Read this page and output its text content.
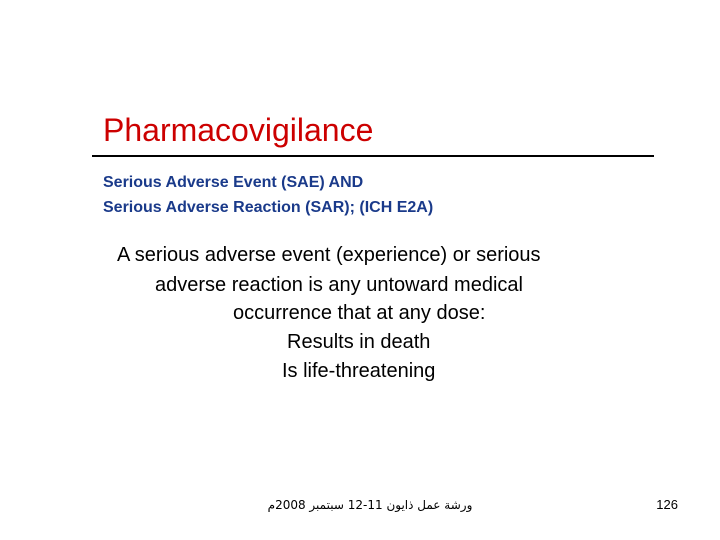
Pharmacovigilance

Serious Adverse Event (SAE) AND

Serious Adverse Reaction (SAR); (ICH E2A)

A serious adverse event (experience) or serious

adverse reaction is any untoward medical

occurrence that at any dose:

Results in death

Is life-threatening

ورشة عمل ذايون 11-12 سبتمبر 2008م	126
